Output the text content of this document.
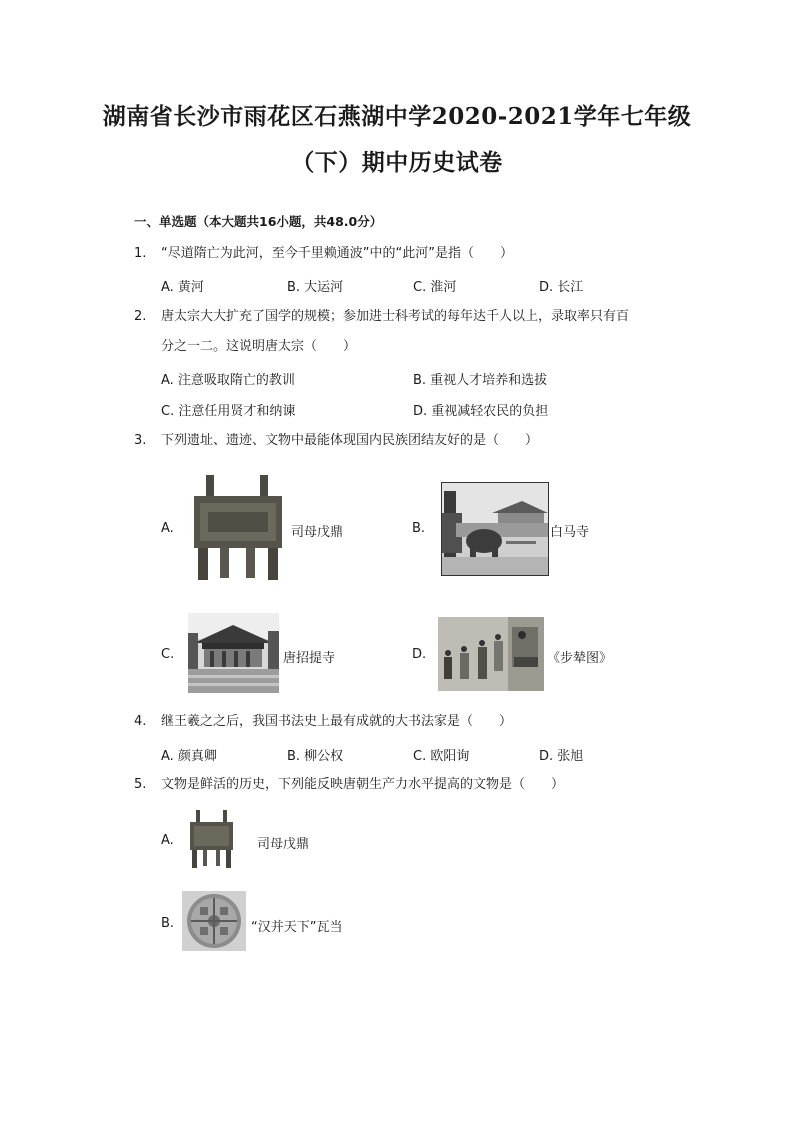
湖南省长沙市雨花区石燕湖中学2020-2021学年七年级
（下）期中历史试卷
一、单选题（本大题共16小题，共48.0分）
1. “尽道隋亡为此河，至今千里赖通波”中的“此河”是指（　　）
A. 黄河	B. 大运河	C. 淮河	D. 长江
2. 唐太宗大大扩充了国学的规模；参加进士科考试的每年达千人以上，录取率只有百
分之一二。这说明唐太宗（　　）
A. 注意吸取隋亡的教训	B. 重视人才培养和选拔
C. 注意任用贤才和纳谏	D. 重视减轻农民的负担
3. 下列遗址、遗迹、文物中最能体现国内民族团结友好的是（　　）
A.	司母戊鼎	B.	白马寺
C.	唐招提寺	D.	《步辇图》
4. 继王羲之之后，我国书法史上最有成就的大书法家是（　　）
A. 颜真卿	B. 柳公权	C. 欧阳询	D. 张旭
5. 文物是鲜活的历史，下列能反映唐朝生产力水平提高的文物是（　　）
A.	司母戊鼎
B.	“汉并天下”瓦当
